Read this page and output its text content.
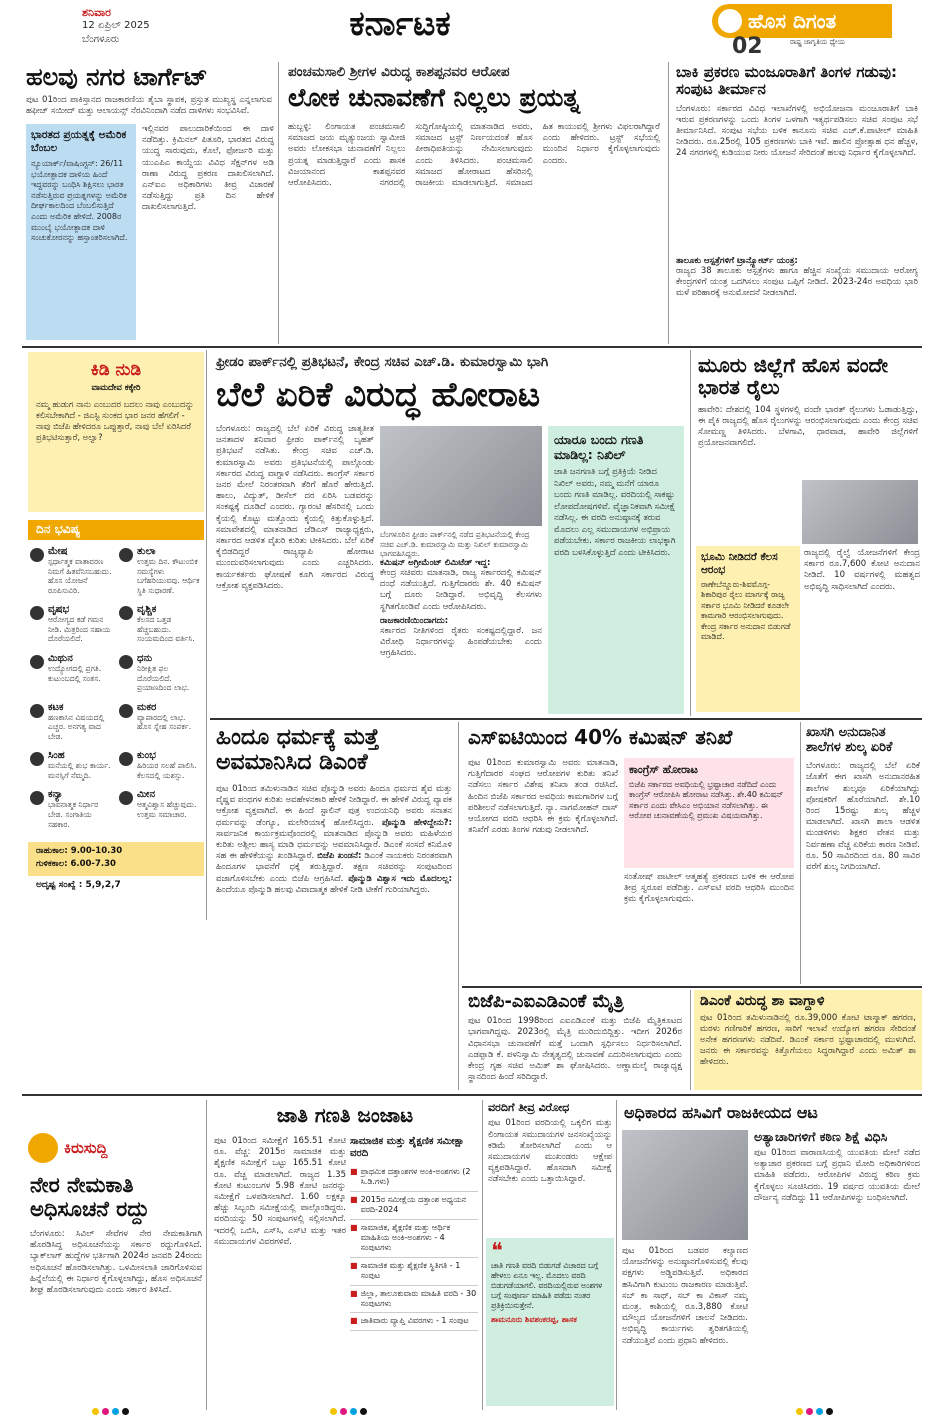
ಶನಿವಾರ
12 ಏಪ್ರಿಲ್ 2025
ಬೆಂಗಳೂರು	ಕರ್ನಾಟಕ	ಹೊಸ ದಿಗಂತ
ರಾಷ್ಟ್ರ ಜಾಗೃತಿಯ ಧ್ಯೇಯ
02
ಹಲವು ನಗರ ಟಾರ್ಗೆಟ್
ಪುಟ 01ರಿಂದ ಪಾಕಿಸ್ತಾನದ ರಾಜಕಾರಣಿಯ ತೈಬಾ ಸ್ಥಾಪಕ, ಪ್ರಸ್ತುತ ಮುಖ್ಯಸ್ಥ ಎನ್ನಲಾಗುವ ಹಫೀಜ್ ಸಯೀದ್ ಮತ್ತು ಆಲಾಯನ್ಸ್ ನೆರವಿನಿಂದಾಗಿ ನಡೆದ ದಾಳಿಗಳು ಸಂಭವಿಸಿವೆ.
ಭಾರತದ ಪ್ರಯತ್ನಕ್ಕೆ ಅಮೆರಿಕ ಬೆಂಬಲ
ನ್ಯೂಯಾರ್ಕ್/ವಾಷಿಂಗ್ಟನ್: 26/11 ಭಯೋತ್ಪಾದಕ ದಾಳಿಯ ಹಿಂದೆ ಇದ್ದವರನ್ನು ಬಂಧಿಸಿ ಶಿಕ್ಷಿಸಲು ಭಾರತ ನಡೆಸುತ್ತಿರುವ ಪ್ರಯತ್ನಗಳನ್ನು ಅಮೆರಿಕ ದೀರ್ಘಕಾಲದಿಂದ ಬೆಂಬಲಿಸುತ್ತಿದೆ ಎಂದು ಅಮೆರಿಕ ಹೇಳಿದೆ. 2008ರ ಮುಂಬೈ ಭಯೋತ್ಪಾದಕ ದಾಳಿ ಸಂಚುಕೋರನನ್ನು ಹಸ್ತಾಂತರಿಸಲಾಗಿದೆ.
ಇಲ್ಲಿನವರ ಪಾಲುದಾರಿಕೆಯಿಂದ ಈ ದಾಳಿ ನಡೆದಿತ್ತು. ಕ್ರಿಮಿನಲ್ ಪಿತೂರಿ, ಭಾರತದ ವಿರುದ್ಧ ಯುದ್ಧ ಸಾರುವುದು, ಕೊಲೆ, ಫೋರ್ಜರಿ ಮತ್ತು ಯುಎಪಿಎ ಕಾಯ್ದೆಯ ವಿವಿಧ ಸೆಕ್ಷನ್‌ಗಳ ಅಡಿ ರಾಣಾ ವಿರುದ್ಧ ಪ್ರಕರಣ ದಾಖಲಿಸಲಾಗಿದೆ. ಎನ್‌ಐಎ ಅಧಿಕಾರಿಗಳು ತೀವ್ರ ವಿಚಾರಣೆ ನಡೆಸುತ್ತಿದ್ದು ಪ್ರತಿ ದಿನ ಹೇಳಿಕೆ ದಾಖಲಿಸಲಾಗುತ್ತಿದೆ.
ಪಂಚಮಸಾಲಿ ಶ್ರೀಗಳ ವಿರುದ್ಧ ಕಾಶಪ್ಪನವರ ಆರೋಪ
ಲೋಕ ಚುನಾವಣೆಗೆ ನಿಲ್ಲಲು ಪ್ರಯತ್ನ
ಹುಬ್ಬಳ್ಳಿ: ಲಿಂಗಾಯತ ಪಂಚಮಸಾಲಿ ಸಮಾಜದ ಜಯ ಮೃತ್ಯುಂಜಯ ಸ್ವಾಮೀಜಿ ಅವರು ಲೋಕಸಭಾ ಚುನಾವಣೆಗೆ ನಿಲ್ಲಲು ಪ್ರಯತ್ನ ಮಾಡುತ್ತಿದ್ದಾರೆ ಎಂದು ಶಾಸಕ ವಿಜಯಾನಂದ ಕಾಶಪ್ಪನವರ ಆರೋಪಿಸಿದರು. ನಗರದಲ್ಲಿ ಸುದ್ದಿಗೋಷ್ಠಿಯಲ್ಲಿ ಮಾತನಾಡಿದ ಅವರು, ಸಮಾಜದ ಟ್ರಸ್ಟ್ ನಿರ್ಣಯದಂತೆ ಹೊಸ ಪೀಠಾಧಿಪತಿಯನ್ನು ನೇಮಿಸಲಾಗುವುದು ಎಂದು ತಿಳಿಸಿದರು. ಪಂಚಮಸಾಲಿ ಸಮಾಜದ ಹೋರಾಟದ ಹೆಸರಿನಲ್ಲಿ ರಾಜಕೀಯ ಮಾಡಲಾಗುತ್ತಿದೆ. ಸಮಾಜದ ಹಿತ ಕಾಯುವಲ್ಲಿ ಶ್ರೀಗಳು ವಿಫಲರಾಗಿದ್ದಾರೆ ಎಂದು ಹೇಳಿದರು. ಟ್ರಸ್ಟ್ ಸಭೆಯಲ್ಲಿ ಮುಂದಿನ ನಿರ್ಧಾರ ಕೈಗೊಳ್ಳಲಾಗುವುದು ಎಂದರು.
ಬಾಕಿ ಪ್ರಕರಣ ಮಂಜೂರಾತಿಗೆ ತಿಂಗಳ ಗಡುವು: ಸಂಪುಟ ತೀರ್ಮಾನ
ಬೆಂಗಳೂರು: ಸರ್ಕಾರದ ವಿವಿಧ ಇಲಾಖೆಗಳಲ್ಲಿ ಅಭಿಯೋಜನಾ ಮಂಜೂರಾತಿಗೆ ಬಾಕಿ ಇರುವ ಪ್ರಕರಣಗಳನ್ನು ಒಂದು ತಿಂಗಳ ಒಳಗಾಗಿ ಇತ್ಯರ್ಥಪಡಿಸಲು ಸಚಿವ ಸಂಪುಟ ಸಭೆ ತೀರ್ಮಾನಿಸಿದೆ. ಸಂಪುಟ ಸಭೆಯ ಬಳಿಕ ಕಾನೂನು ಸಚಿವ ಎಚ್.ಕೆ.ಪಾಟೀಲ್ ಮಾಹಿತಿ ನೀಡಿದರು. ರೂ.25ರಲ್ಲಿ 105 ಪ್ರಕರಣಗಳು ಬಾಕಿ ಇವೆ. ಹಾಲಿನ ಪ್ರೋತ್ಸಾಹ ಧನ ಹೆಚ್ಚಳ, 24 ನಗರಗಳಲ್ಲಿ ಕುಡಿಯುವ ನೀರು ಯೋಜನೆ ಸೇರಿದಂತೆ ಹಲವು ನಿರ್ಧಾರ ಕೈಗೊಳ್ಳಲಾಗಿದೆ.
ತಾಲೂಕು ಆಸ್ಪತ್ರೆಗಳಿಗೆ ಟ್ರಾನ್ಸ್ಪೋರ್ಟ್ ಯಂತ್ರ:
ರಾಜ್ಯದ 38 ತಾಲೂಕು ಆಸ್ಪತ್ರೆಗಳು ಹಾಗೂ ಹೆಚ್ಚಿನ ಸಂಖ್ಯೆಯ ಸಮುದಾಯ ಆರೋಗ್ಯ ಕೇಂದ್ರಗಳಿಗೆ ಯಂತ್ರ ಒದಗಿಸಲು ಸಂಪುಟ ಒಪ್ಪಿಗೆ ನೀಡಿದೆ. 2023-24ರ ಅವಧಿಯ ಭಾರಿ ಮಳೆ ಪರಿಹಾರಕ್ಕೆ ಅನುಮೋದನೆ ನೀಡಲಾಗಿದೆ.
ಕಿಡಿ ನುಡಿ
ವಾಮದೇವ ಕಕ್ಕೇರಿ
ನಮ್ಮ ಹುಡುಗ ನಾನು ಎಂಬುದರ ಬದಲು ನಾವು ಎಂಬುದನ್ನು ಕಲಿಸಬೇಕಾಗಿದೆ - ಜಿಎಸ್ಟಿ ಸುಂಕದ ಭಾರ ಜನರ ಹೆಗಲಿಗೆ - ನಾವು ಬಿಜೆಪಿ ಹೇಳಿದರೂ ಒಪ್ಪುತ್ತಾರೆ, ನಾವು ಬೆಲೆ ಏರಿಸಿದರೆ ಪ್ರತಿಭಟಿಸುತ್ತಾರೆ, ಅಲ್ವಾ?
ದಿನ ಭವಿಷ್ಯ
ಮೇಷ
ಸ್ಪರ್ಧಾತ್ಮಕ ವಾತಾವರಣ ನಿಮಗೆ ಹಿತವೆನಿಸಬಹುದು. ಹೊಸ ಯೋಜನೆ ರೂಪಿಸುವಿರಿ.
ತುಲಾ
ಉತ್ತಮ ದಿನ. ಕೌಟುಂಬಿಕ ಸಮಸ್ಯೆಗಳು ಬಗೆಹರಿಯುವವು. ಆರ್ಥಿಕ ಸ್ಥಿತಿ ಸುಧಾರಣೆ.
ವೃಷಭ
ಆರೋಗ್ಯದ ಕಡೆ ಗಮನ ನೀಡಿ. ಮಿತ್ರರಿಂದ ಸಹಾಯ ದೊರೆಯಲಿದೆ.
ವೃಶ್ಚಿಕ
ಕೆಲಸದ ಒತ್ತಡ ಹೆಚ್ಚಬಹುದು. ಸಂಯಮದಿಂದ ವರ್ತಿಸಿ.
ಮಿಥುನ
ಉದ್ಯೋಗದಲ್ಲಿ ಪ್ರಗತಿ. ಕುಟುಂಬದಲ್ಲಿ ಸಂತಸ.
ಧನು
ನಿರೀಕ್ಷಿತ ಫಲ ದೊರೆಯಲಿದೆ. ಪ್ರಯಾಣದಿಂದ ಲಾಭ.
ಕಟಕ
ಹಣಕಾಸಿನ ವಿಷಯದಲ್ಲಿ ಎಚ್ಚರ. ಅನಗತ್ಯ ವಾದ ಬೇಡ.
ಮಕರ
ವ್ಯಾಪಾರದಲ್ಲಿ ಲಾಭ. ಹೊಸ ಸ್ನೇಹ ಸಂಪರ್ಕ.
ಸಿಂಹ
ಮನೆಯಲ್ಲಿ ಶುಭ ಕಾರ್ಯ. ಮನಸ್ಸಿಗೆ ನೆಮ್ಮದಿ.
ಕುಂಭ
ಹಿರಿಯರ ಸಲಹೆ ಪಾಲಿಸಿ. ಕೆಲಸದಲ್ಲಿ ಯಶಸ್ಸು.
ಕನ್ಯಾ
ಭಾವನಾತ್ಮಕ ನಿರ್ಧಾರ ಬೇಡ. ಸಂಗಾತಿಯ ಸಹಕಾರ.
ಮೀನ
ಆತ್ಮವಿಶ್ವಾಸ ಹೆಚ್ಚುವುದು. ಉತ್ತಮ ಸಮಾಚಾರ.
ರಾಹುಕಾಲ: 9.00-10.30
ಗುಳಿಕಕಾಲ: 6.00-7.30
ಅದೃಷ್ಟ ಸಂಖ್ಯೆ : 5,9,2,7
ಫ್ರೀಡಂ ಪಾರ್ಕ್‌ನಲ್ಲಿ ಪ್ರತಿಭಟನೆ, ಕೇಂದ್ರ ಸಚಿವ ಎಚ್.ಡಿ. ಕುಮಾರಸ್ವಾಮಿ ಭಾಗಿ
ಬೆಲೆ ಏರಿಕೆ ವಿರುದ್ಧ ಹೋರಾಟ
ಬೆಂಗಳೂರು: ರಾಜ್ಯದಲ್ಲಿ ಬೆಲೆ ಏರಿಕೆ ವಿರುದ್ಧ ಜಾತ್ಯತೀತ ಜನತಾದಳ ಶನಿವಾರ ಫ್ರೀಡಂ ಪಾರ್ಕ್‌ನಲ್ಲಿ ಬೃಹತ್ ಪ್ರತಿಭಟನೆ ನಡೆಸಿತು. ಕೇಂದ್ರ ಸಚಿವ ಎಚ್.ಡಿ. ಕುಮಾರಸ್ವಾಮಿ ಅವರು ಪ್ರತಿಭಟನೆಯಲ್ಲಿ ಪಾಲ್ಗೊಂಡು ಸರ್ಕಾರದ ವಿರುದ್ಧ ವಾಗ್ದಾಳಿ ನಡೆಸಿದರು. ಕಾಂಗ್ರೆಸ್ ಸರ್ಕಾರ ಜನರ ಮೇಲೆ ನಿರಂತರವಾಗಿ ತೆರಿಗೆ ಹೊರೆ ಹೇರುತ್ತಿದೆ. ಹಾಲು, ವಿದ್ಯುತ್, ಡೀಸೆಲ್ ದರ ಏರಿಸಿ ಬಡವರನ್ನು ಸಂಕಷ್ಟಕ್ಕೆ ದೂಡಿದೆ ಎಂದರು. ಗ್ಯಾರಂಟಿ ಹೆಸರಿನಲ್ಲಿ ಒಂದು ಕೈಯಲ್ಲಿ ಕೊಟ್ಟು ಮತ್ತೊಂದು ಕೈಯಲ್ಲಿ ಕಿತ್ತುಕೊಳ್ಳುತ್ತಿದೆ. ಸಮಾವೇಶದಲ್ಲಿ ಮಾತನಾಡಿದ ಜೆಡಿಎಸ್ ರಾಜ್ಯಾಧ್ಯಕ್ಷರು, ಸರ್ಕಾರದ ಆಡಳಿತ ವೈಖರಿ ಕುರಿತು ಟೀಕಿಸಿದರು. ಬೆಲೆ ಏರಿಕೆ ಕೈಬಿಡದಿದ್ದರೆ ರಾಜ್ಯವ್ಯಾಪಿ ಹೋರಾಟ ಮುಂದುವರಿಸಲಾಗುವುದು ಎಂದು ಎಚ್ಚರಿಸಿದರು. ಕಾರ್ಯಕರ್ತರು ಘೋಷಣೆ ಕೂಗಿ ಸರ್ಕಾರದ ವಿರುದ್ಧ ಆಕ್ರೋಶ ವ್ಯಕ್ತಪಡಿಸಿದರು.
ಬೆಂಗಳೂರಿನ ಫ್ರೀಡಂ ಪಾರ್ಕ್‌ನಲ್ಲಿ ನಡೆದ ಪ್ರತಿಭಟನೆಯಲ್ಲಿ ಕೇಂದ್ರ ಸಚಿವ ಎಚ್.ಡಿ. ಕುಮಾರಸ್ವಾಮಿ ಮತ್ತು ನಿಖಿಲ್ ಕುಮಾರಸ್ವಾಮಿ ಭಾಗವಹಿಸಿದ್ದರು.
ಕಮಿಷನ್ ಅಗ್ರೀಮೆಂಟ್ ಲಿಮಿಟೆಡ್ ಇದ್ದ:
ಕೇಂದ್ರ ಸಚಿವರು ಮಾತನಾಡಿ, ರಾಜ್ಯ ಸರ್ಕಾರದಲ್ಲಿ ಕಮಿಷನ್ ದಂಧೆ ನಡೆಯುತ್ತಿದೆ. ಗುತ್ತಿಗೆದಾರರು ಶೇ. 40 ಕಮಿಷನ್ ಬಗ್ಗೆ ದೂರು ನೀಡಿದ್ದಾರೆ. ಅಭಿವೃದ್ಧಿ ಕೆಲಸಗಳು ಸ್ಥಗಿತಗೊಂಡಿವೆ ಎಂದು ಆರೋಪಿಸಿದರು.
ರಾಜಕಾರಣಿಯಿಂದಾಗದು:
ಸರ್ಕಾರದ ನೀತಿಗಳಿಂದ ರೈತರು ಸಂಕಷ್ಟದಲ್ಲಿದ್ದಾರೆ. ಜನ ವಿರೋಧಿ ನಿರ್ಧಾರಗಳನ್ನು ಹಿಂಪಡೆಯಬೇಕು ಎಂದು ಆಗ್ರಹಿಸಿದರು.
ಯಾರೂ ಬಂದು ಗಣತಿ ಮಾಡಿಲ್ಲ: ನಿಖಿಲ್
ಜಾತಿ ಜನಗಣತಿ ಬಗ್ಗೆ ಪ್ರತಿಕ್ರಿಯೆ ನೀಡಿದ ನಿಖಿಲ್ ಅವರು, ನಮ್ಮ ಮನೆಗೆ ಯಾರೂ ಬಂದು ಗಣತಿ ಮಾಡಿಲ್ಲ. ವರದಿಯಲ್ಲಿ ಸಾಕಷ್ಟು ಲೋಪದೋಷಗಳಿವೆ. ವೈಜ್ಞಾನಿಕವಾಗಿ ಸಮೀಕ್ಷೆ ನಡೆಸಿಲ್ಲ. ಈ ವರದಿ ಅನುಷ್ಠಾನಕ್ಕೆ ತರುವ ಮೊದಲು ಎಲ್ಲ ಸಮುದಾಯಗಳ ಅಭಿಪ್ರಾಯ ಪಡೆಯಬೇಕು. ಸರ್ಕಾರ ರಾಜಕೀಯ ಲಾಭಕ್ಕಾಗಿ ವರದಿ ಬಳಸಿಕೊಳ್ಳುತ್ತಿದೆ ಎಂದು ಟೀಕಿಸಿದರು.
ಮೂರು ಜಿಲ್ಲೆಗೆ ಹೊಸ ವಂದೇ ಭಾರತ ರೈಲು
ಹಾವೇರಿ: ದೇಶದಲ್ಲಿ 104 ಸ್ಥಳಗಳಲ್ಲಿ ವಂದೇ ಭಾರತ್ ರೈಲುಗಳು ಓಡಾಡುತ್ತಿದ್ದು, ಈ ಪೈಕಿ ರಾಜ್ಯದಲ್ಲಿ ಹೊಸ ರೈಲುಗಳನ್ನು ಆರಂಭಿಸಲಾಗುವುದು ಎಂದು ಕೇಂದ್ರ ಸಚಿವ ಸೋಮಣ್ಣ ತಿಳಿಸಿದರು. ಬೆಳಗಾವಿ, ಧಾರವಾಡ, ಹಾವೇರಿ ಜಿಲ್ಲೆಗಳಿಗೆ ಪ್ರಯೋಜನವಾಗಲಿದೆ.
ಭೂಮಿ ನೀಡಿದರೆ ಕೆಲಸ ಆರಂಭ
ರಾಣೇಬೆನ್ನೂರು-ಶಿವಮೊಗ್ಗ-ಶಿಕಾರಿಪುರ ರೈಲು ಮಾರ್ಗಕ್ಕೆ ರಾಜ್ಯ ಸರ್ಕಾರ ಭೂಮಿ ನೀಡಿದರೆ ಕೂಡಲೇ ಕಾಮಗಾರಿ ಆರಂಭಿಸಲಾಗುವುದು. ಕೇಂದ್ರ ಸರ್ಕಾರ ಅನುದಾನ ಬಿಡುಗಡೆ ಮಾಡಿದೆ.
ರಾಜ್ಯದಲ್ಲಿ ರೈಲ್ವೆ ಯೋಜನೆಗಳಿಗೆ ಕೇಂದ್ರ ಸರ್ಕಾರ ರೂ.7,600 ಕೋಟಿ ಅನುದಾನ ನೀಡಿದೆ. 10 ವರ್ಷಗಳಲ್ಲಿ ಮಹತ್ವದ ಅಭಿವೃದ್ಧಿ ಸಾಧಿಸಲಾಗಿದೆ ಎಂದರು.
ಹಿಂದೂ ಧರ್ಮಕ್ಕೆ ಮತ್ತೆ ಅವಮಾನಿಸಿದ ಡಿಎಂಕೆ
ಪುಟ 01ರಿಂದ ತಮಿಳುನಾಡಿನ ಸಚಿವ ಪೊನ್ಮುಡಿ ಅವರು ಹಿಂದೂ ಧರ್ಮದ ಶೈವ ಮತ್ತು ವೈಷ್ಣವ ಪಂಥಗಳ ಕುರಿತು ಅವಹೇಳನಕಾರಿ ಹೇಳಿಕೆ ನೀಡಿದ್ದಾರೆ. ಈ ಹೇಳಿಕೆ ವಿರುದ್ಧ ವ್ಯಾಪಕ ಆಕ್ರೋಶ ವ್ಯಕ್ತವಾಗಿದೆ. ಈ ಹಿಂದೆ ಸ್ಟಾಲಿನ್ ಪುತ್ರ ಉದಯನಿಧಿ ಅವರು ಸನಾತನ ಧರ್ಮವನ್ನು ಡೆಂಗ್ಯೂ, ಮಲೇರಿಯಾಕ್ಕೆ ಹೋಲಿಸಿದ್ದರು. ಪೊನ್ಮುಡಿ ಹೇಳಿದ್ದೇನು?: ಸಾರ್ವಜನಿಕ ಕಾರ್ಯಕ್ರಮವೊಂದರಲ್ಲಿ ಮಾತನಾಡಿದ ಪೊನ್ಮುಡಿ ಅವರು ಮಹಿಳೆಯರ ಕುರಿತು ಅಶ್ಲೀಲ ಹಾಸ್ಯ ಮಾಡಿ ಧರ್ಮವನ್ನು ಅವಮಾನಿಸಿದ್ದಾರೆ. ಡಿಎಂಕೆ ಸಂಸದೆ ಕನಿಮೊಳಿ ಸಹ ಈ ಹೇಳಿಕೆಯನ್ನು ಖಂಡಿಸಿದ್ದಾರೆ. ಬಿಜೆಪಿ ಖಂಡನೆ: ಡಿಎಂಕೆ ನಾಯಕರು ನಿರಂತರವಾಗಿ ಹಿಂದೂಗಳ ಭಾವನೆಗೆ ಧಕ್ಕೆ ತರುತ್ತಿದ್ದಾರೆ. ತಕ್ಷಣ ಸಚಿವರನ್ನು ಸಂಪುಟದಿಂದ ವಜಾಗೊಳಿಸಬೇಕು ಎಂದು ಬಿಜೆಪಿ ಆಗ್ರಹಿಸಿದೆ. ಪೊನ್ಮುಡಿ ವಿಶ್ವಾಸ ಇದು ಮೊದಲಲ್ಲ: ಹಿಂದೆಯೂ ಪೊನ್ಮುಡಿ ಹಲವು ವಿವಾದಾತ್ಮಕ ಹೇಳಿಕೆ ನೀಡಿ ಟೀಕೆಗೆ ಗುರಿಯಾಗಿದ್ದರು.
ಎಸ್‌ಐಟಿಯಿಂದ 40% ಕಮಿಷನ್ ತನಿಖೆ
ಪುಟ 01ರಿಂದ ಕುಮಾರಸ್ವಾಮಿ ಅವರು ಮಾತನಾಡಿ, ಗುತ್ತಿಗೆದಾರರ ಸಂಘದ ಆರೋಪಗಳ ಕುರಿತು ತನಿಖೆ ನಡೆಸಲು ಸರ್ಕಾರ ವಿಶೇಷ ತನಿಖಾ ತಂಡ ರಚಿಸಿದೆ. ಹಿಂದಿನ ಬಿಜೆಪಿ ಸರ್ಕಾರದ ಅವಧಿಯ ಕಾಮಗಾರಿಗಳ ಬಗ್ಗೆ ಪರಿಶೀಲನೆ ನಡೆಸಲಾಗುತ್ತಿದೆ. ನ್ಯಾ. ನಾಗಮೋಹನ್ ದಾಸ್ ಆಯೋಗದ ವರದಿ ಆಧರಿಸಿ ಈ ಕ್ರಮ ಕೈಗೊಳ್ಳಲಾಗಿದೆ. ತನಿಖೆಗೆ ಎರಡು ತಿಂಗಳ ಗಡುವು ನೀಡಲಾಗಿದೆ.
ಕಾಂಗ್ರೆಸ್ ಹೋರಾಟ
ಬಿಜೆಪಿ ಸರ್ಕಾರದ ಅವಧಿಯಲ್ಲಿ ಭ್ರಷ್ಟಾಚಾರ ನಡೆದಿದೆ ಎಂದು ಕಾಂಗ್ರೆಸ್ ಆರೋಪಿಸಿ ಹೋರಾಟ ನಡೆಸಿತ್ತು. ಶೇ.40 ಕಮಿಷನ್ ಸರ್ಕಾರ ಎಂದು ಪೇಸಿಎಂ ಅಭಿಯಾನ ನಡೆಸಲಾಗಿತ್ತು. ಈ ಆರೋಪ ಚುನಾವಣೆಯಲ್ಲಿ ಪ್ರಮುಖ ವಿಷಯವಾಗಿತ್ತು.
ಸಂತೋಷ್ ಪಾಟೀಲ್ ಆತ್ಮಹತ್ಯೆ ಪ್ರಕರಣದ ಬಳಿಕ ಈ ಆರೋಪ ತೀವ್ರ ಸ್ವರೂಪ ಪಡೆದಿತ್ತು. ಎಸ್‌ಐಟಿ ವರದಿ ಆಧರಿಸಿ ಮುಂದಿನ ಕ್ರಮ ಕೈಗೊಳ್ಳಲಾಗುವುದು.
ಖಾಸಗಿ ಅನುದಾನಿತ ಶಾಲೆಗಳ ಶುಲ್ಕ ಏರಿಕೆ
ಬೆಂಗಳೂರು: ರಾಜ್ಯದಲ್ಲಿ ಬೆಲೆ ಏರಿಕೆ ಜೊತೆಗೆ ಈಗ ಖಾಸಗಿ ಅನುದಾನರಹಿತ ಶಾಲೆಗಳ ಶುಲ್ಕವೂ ಏರಿಕೆಯಾಗಿದ್ದು ಪೋಷಕರಿಗೆ ಹೊರೆಯಾಗಿದೆ. ಶೇ.10 ರಿಂದ 15ರಷ್ಟು ಶುಲ್ಕ ಹೆಚ್ಚಳ ಮಾಡಲಾಗಿದೆ. ಖಾಸಗಿ ಶಾಲಾ ಆಡಳಿತ ಮಂಡಳಿಗಳು ಶಿಕ್ಷಕರ ವೇತನ ಮತ್ತು ನಿರ್ವಹಣಾ ವೆಚ್ಚ ಏರಿಕೆಯ ಕಾರಣ ನೀಡಿವೆ. ರೂ. 50 ಸಾವಿರದಿಂದ ರೂ. 80 ಸಾವಿರ ವರೆಗೆ ಶುಲ್ಕ ನಿಗದಿಯಾಗಿದೆ.
ಬಿಜೆಪಿ-ಎಐಎಡಿಎಂಕೆ ಮೈತ್ರಿ
ಪುಟ 01ರಿಂದ 1998ರಿಂದ ಎಐಎಡಿಎಂಕೆ ಮತ್ತು ಬಿಜೆಪಿ ಮೈತ್ರಿಕೂಟದ ಭಾಗವಾಗಿದ್ದವು. 2023ರಲ್ಲಿ ಮೈತ್ರಿ ಮುರಿದುಬಿದ್ದಿತ್ತು. ಇದೀಗ 2026ರ ವಿಧಾನಸಭಾ ಚುನಾವಣೆಗೆ ಮತ್ತೆ ಒಂದಾಗಿ ಸ್ಪರ್ಧಿಸಲು ನಿರ್ಧರಿಸಲಾಗಿದೆ. ಎಡಪ್ಪಾಡಿ ಕೆ. ಪಳನಿಸ್ವಾಮಿ ನೇತೃತ್ವದಲ್ಲಿ ಚುನಾವಣೆ ಎದುರಿಸಲಾಗುವುದು ಎಂದು ಕೇಂದ್ರ ಗೃಹ ಸಚಿವ ಅಮಿತ್ ಶಾ ಘೋಷಿಸಿದರು. ಅಣ್ಣಾಮಲೈ ರಾಜ್ಯಾಧ್ಯಕ್ಷ ಸ್ಥಾನದಿಂದ ಹಿಂದೆ ಸರಿದಿದ್ದಾರೆ.
ಡಿಎಂಕೆ ವಿರುದ್ಧ ಶಾ ವಾಗ್ದಾಳಿ
ಪುಟ 01ರಿಂದ ತಮಿಳುನಾಡಿನಲ್ಲಿ ರೂ.39,000 ಕೋಟಿ ಟಾಸ್ಮಾಕ್ ಹಗರಣ, ಮರಳು ಗಣಿಗಾರಿಕೆ ಹಗರಣ, ಸಾರಿಗೆ ಇಲಾಖೆ ಉದ್ಯೋಗ ಹಗರಣ ಸೇರಿದಂತೆ ಅನೇಕ ಹಗರಣಗಳು ನಡೆದಿವೆ. ಡಿಎಂಕೆ ಸರ್ಕಾರ ಭ್ರಷ್ಟಾಚಾರದಲ್ಲಿ ಮುಳುಗಿದೆ. ಜನರು ಈ ಸರ್ಕಾರವನ್ನು ಕಿತ್ತೊಗೆಯಲು ಸಿದ್ಧರಾಗಿದ್ದಾರೆ ಎಂದು ಅಮಿತ್ ಶಾ ಹೇಳಿದರು.
ಕಿರುಸುದ್ದಿ
ನೇರ ನೇಮಕಾತಿ ಅಧಿಸೂಚನೆ ರದ್ದು
ಬೆಂಗಳೂರು: ಸಿವಿಲ್ ಸೇವೆಗಳ ನೇರ ನೇಮಕಾತಿಗಾಗಿ ಹೊರಡಿಸಿದ್ದ ಅಧಿಸೂಚನೆಯನ್ನು ಸರ್ಕಾರ ರದ್ದುಗೊಳಿಸಿದೆ. ಬ್ಯಾಕ್‌ಲಾಗ್ ಹುದ್ದೆಗಳ ಭರ್ತಿಗಾಗಿ 2024ರ ಜನವರಿ 24ರಂದು ಅಧಿಸೂಚನೆ ಹೊರಡಿಸಲಾಗಿತ್ತು. ಒಳಮೀಸಲಾತಿ ಜಾರಿಗೊಳಿಸುವ ಹಿನ್ನೆಲೆಯಲ್ಲಿ ಈ ನಿರ್ಧಾರ ಕೈಗೊಳ್ಳಲಾಗಿದ್ದು, ಹೊಸ ಅಧಿಸೂಚನೆ ಶೀಘ್ರ ಹೊರಡಿಸಲಾಗುವುದು ಎಂದು ಸರ್ಕಾರ ತಿಳಿಸಿದೆ.
ಜಾತಿ ಗಣತಿ ಜಂಜಾಟ
ಪುಟ 01ರಿಂದ ಸಮೀಕ್ಷೆಗೆ 165.51 ಕೋಟಿ ರೂ. ವೆಚ್ಚ: 2015ರ ಸಾಮಾಜಿಕ ಮತ್ತು ಶೈಕ್ಷಣಿಕ ಸಮೀಕ್ಷೆಗೆ ಒಟ್ಟು 165.51 ಕೋಟಿ ರೂ. ವೆಚ್ಚ ಮಾಡಲಾಗಿದೆ. ರಾಜ್ಯದ 1.35 ಕೋಟಿ ಕುಟುಂಬಗಳ 5.98 ಕೋಟಿ ಜನರನ್ನು ಸಮೀಕ್ಷೆಗೆ ಒಳಪಡಿಸಲಾಗಿದೆ. 1.60 ಲಕ್ಷಕ್ಕೂ ಹೆಚ್ಚು ಸಿಬ್ಬಂದಿ ಸಮೀಕ್ಷೆಯಲ್ಲಿ ಪಾಲ್ಗೊಂಡಿದ್ದರು. ವರದಿಯನ್ನು 50 ಸಂಪುಟಗಳಲ್ಲಿ ಸಲ್ಲಿಸಲಾಗಿದೆ. ಇದರಲ್ಲಿ ಒಬಿಸಿ, ಎಸ್‌ಸಿ, ಎಸ್‌ಟಿ ಮತ್ತು ಇತರ ಸಮುದಾಯಗಳ ವಿವರಗಳಿವೆ.
ಸಾಮಾಜಿಕ ಮತ್ತು ಶೈಕ್ಷಣಿಕ ಸಮೀಕ್ಷಾ ವರದಿ
■ ಪ್ರಾಥಮಿಕ ದತ್ತಾಂಶಗಳ ಅಂಕಿ-ಅಂಶಗಳು (2 ಸಿ.ಡಿ.ಗಳು)
■ 2015ರ ಸಮೀಕ್ಷೆಯ ದತ್ತಾಂಶ ಅಧ್ಯಯನ ವರದಿ-2024
■ ಸಾಮಾಜಿಕ, ಶೈಕ್ಷಣಿಕ ಮತ್ತು ಆರ್ಥಿಕ ಮಾಹಿತಿಯ ಅಂಕಿ-ಅಂಶಗಳು - 4 ಸಂಪುಟಗಳು
■ ಸಾಮಾಜಿಕ ಮತ್ತು ಶೈಕ್ಷಣಿಕ ಸ್ಥಿತಿಗತಿ - 1 ಸಂಪುಟ
■ ಜಿಲ್ಲಾ, ತಾಲೂಕುವಾರು ಮಾಹಿತಿ ವರದಿ - 30 ಸಂಪುಟಗಳು
■ ಜಾತಿವಾರು ವ್ಯಾಪ್ತಿ ವಿವರಗಳು - 1 ಸಂಪುಟ
ವರದಿಗೆ ತೀವ್ರ ವಿರೋಧ
ಪುಟ 01ರಿಂದ ವರದಿಯಲ್ಲಿ ಒಕ್ಕಲಿಗ ಮತ್ತು ಲಿಂಗಾಯತ ಸಮುದಾಯಗಳ ಜನಸಂಖ್ಯೆಯನ್ನು ಕಡಿಮೆ ತೋರಿಸಲಾಗಿದೆ ಎಂದು ಆ ಸಮುದಾಯಗಳ ಮುಖಂಡರು ಆಕ್ಷೇಪ ವ್ಯಕ್ತಪಡಿಸಿದ್ದಾರೆ. ಹೊಸದಾಗಿ ಸಮೀಕ್ಷೆ ನಡೆಸಬೇಕು ಎಂದು ಒತ್ತಾಯಿಸಿದ್ದಾರೆ.
❝
ಜಾತಿ ಗಣತಿ ವರದಿ ಬಿಡುಗಡೆ ವಿಚಾರದ ಬಗ್ಗೆ ಹೇಳಲು ಏನೂ ಇಲ್ಲ. ಮೊದಲು ವರದಿ ಬಿಡುಗಡೆಯಾಗಲಿ. ವರದಿಯಲ್ಲಿರುವ ಅಂಶಗಳ ಬಗ್ಗೆ ಸಂಪೂರ್ಣ ಮಾಹಿತಿ ಪಡೆದು ನಂತರ ಪ್ರತಿಕ್ರಿಯಿಸುತ್ತೇನೆ.
ಶಾಮನೂರು ಶಿವಶಂಕರಪ್ಪ, ಶಾಸಕ
ಅಧಿಕಾರದ ಹಸಿವಿಗೆ ರಾಜಕೀಯದ ಆಟ
ಪುಟ 01ರಿಂದ ಬಡವರ ಕಲ್ಯಾಣದ ಯೋಜನೆಗಳನ್ನು ಅನುಷ್ಠಾನಗೊಳಿಸುವಲ್ಲಿ ಕೆಲವು ಪಕ್ಷಗಳು ಅಡ್ಡಿಪಡಿಸುತ್ತಿವೆ. ಅಧಿಕಾರದ ಹಸಿವಿಗಾಗಿ ಕುಟುಂಬ ರಾಜಕಾರಣ ಮಾಡುತ್ತಿವೆ. ಸಬ್ ಕಾ ಸಾಥ್, ಸಬ್ ಕಾ ವಿಕಾಸ್ ನಮ್ಮ ಮಂತ್ರ. ಕಾಶಿಯಲ್ಲಿ ರೂ.3,880 ಕೋಟಿ ಮೌಲ್ಯದ ಯೋಜನೆಗಳಿಗೆ ಚಾಲನೆ ನೀಡಿದರು. ಅಭಿವೃದ್ಧಿ ಕಾರ್ಯಗಳು ತ್ವರಿತಗತಿಯಲ್ಲಿ ನಡೆಯುತ್ತಿವೆ ಎಂದು ಪ್ರಧಾನಿ ಹೇಳಿದರು.
ಅತ್ಯಾಚಾರಿಗಳಿಗೆ ಕಠಿಣ ಶಿಕ್ಷೆ ವಿಧಿಸಿ
ಪುಟ 01ರಿಂದ ವಾರಾಣಸಿಯಲ್ಲಿ ಯುವತಿಯ ಮೇಲೆ ನಡೆದ ಅತ್ಯಾಚಾರ ಪ್ರಕರಣದ ಬಗ್ಗೆ ಪ್ರಧಾನಿ ಮೋದಿ ಅಧಿಕಾರಿಗಳಿಂದ ಮಾಹಿತಿ ಪಡೆದರು. ಆರೋಪಿಗಳ ವಿರುದ್ಧ ಕಠಿಣ ಕ್ರಮ ಕೈಗೊಳ್ಳಲು ಸೂಚಿಸಿದರು. 19 ವರ್ಷದ ಯುವತಿಯ ಮೇಲೆ ದೌರ್ಜನ್ಯ ನಡೆದಿದ್ದು 11 ಆರೋಪಿಗಳನ್ನು ಬಂಧಿಸಲಾಗಿದೆ.
